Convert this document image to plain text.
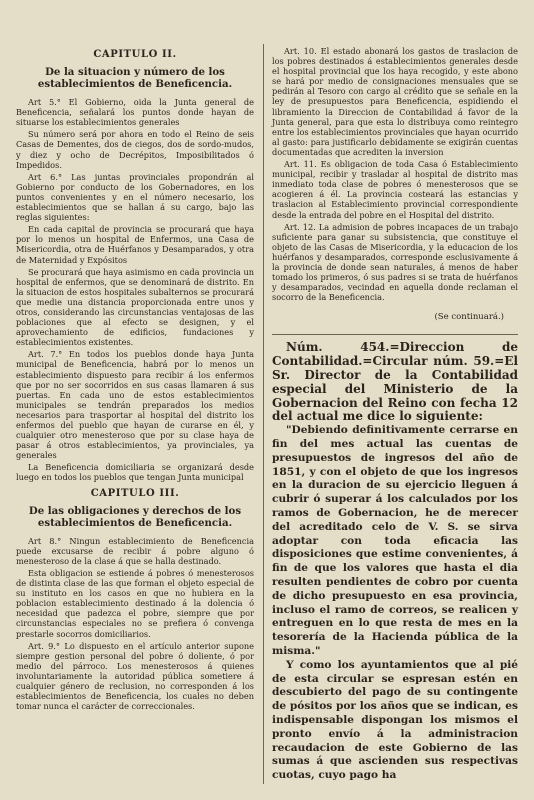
CAPITULO II.
De la situacion y número de los establecimientos de Beneficencia.

Art 5.° El Gobierno, oida la Junta general de Beneficencia, señalará los puntos donde hayan de situarse los establecimientos generales

Su número será por ahora en todo el Reino de seis Casas de Dementes, dos de ciegos, dos de sordo-mudos, y diez y ocho de Decrépitos, Imposibilitados ó Impedidos.

Art 6.° Las juntas provinciales propondrán al Gobierno por conducto de los Gobernadores, en los puntos convenientes y en el número necesario, los establecimientos que se hallan á su cargo, bajo las reglas siguientes:

En cada capital de provincia se procurará que haya por lo menos un hospital de Enfermos, una Casa de Misericordia, otra de Huérfanos y Desamparados, y otra de Maternidad y Expósitos

Se procurará que haya asimismo en cada provincia un hospital de enfermos, que se denominará de distrito. En la situacion de estos hospitales subalternos se procurará que medie una distancia proporcionada entre unos y otros, considerando las circunstancias ventajosas de las poblaciones que al efecto se designen, y el aprovechamiento de edificios, fundaciones y establecimientos existentes.

Art. 7.° En todos los pueblos donde haya Junta municipal de Beneficencia, habrá por lo menos un establecimiento dispuesto para recibir á los enfermos que por no ser socorridos en sus casas llamaren á sus puertas. En cada uno de estos establecimientos municipales se tendrán preparados los medios necesarios para trasportar al hospital del distrito los enfermos del pueblo que hayan de curarse en él, y cualquier otro menesteroso que por su clase haya de pasar á otros establecimientos, ya provinciales, ya generales

La Beneficencia domiciliaria se organizará desde luego en todos los pueblos que tengan Junta municipal

CAPITULO III.
De las obligaciones y derechos de los establecimientos de Beneficencia.

Art 8.° Ningun establecimiento de Beneficencia puede excusarse de recibir á pobre alguno ó menesteroso de la clase á que se halla destinado.

Esta obligacion se estiende á pobres ó menesterosos de distinta clase de las que forman el objeto especial de su instituto en los casos en que no hubiera en la poblacion establecimiento destinado á la dolencia ó necesidad que padezca el pobre, siempre que por circunstancias especiales no se prefiera ó convenga prestarle socorros domiciliarios.

Art. 9.° Lo dispuesto en el artículo anterior supone siempre gestion personal del pobre ó doliente, ó por medio del párroco. Los menesterosos á quienes involuntariamente la autoridad pública sometiere á cualquier género de reclusion, no corresponden á los establecimientos de Beneficencia, los cuales no deben tomar nunca el carácter de correccionales.

Art. 10. El estado abonará los gastos de traslacion de los pobres destinados á establecimientos generales desde el hospital provincial que los haya recogido, y este abono se hará por medio de consignaciones mensuales que se pedirán al Tesoro con cargo al crédito que se señale en la ley de presupuestos para Beneficencia, espidiendo el libramiento la Direccion de Contabilidad á favor de la Junta general, para que esta lo distribuya como reintegro entre los establecimientos provinciales que hayan ocurrido al gasto: para justificarlo debidamente se exigirán cuentas documentadas que acrediten la inversion

Art. 11. Es obligacion de toda Casa ó Establecimiento municipal, recibir y trasladar al hospital de distrito mas inmediato toda clase de pobres ó menesterosos que se acogieren á él. La provincia costeará las estancias y traslacion al Establecimiento provincial correspondiente desde la entrada del pobre en el Hospital del distrito.

Art. 12. La admision de pobres incapaces de un trabajo suficiente para ganar su subsistencia, que constituye el objeto de las Casas de Misericordia, y la educacion de los huérfanos y desamparados, corresponde esclusivamente á la provincia de donde sean naturales, á menos de haber tomado los primeros, ó sus padres si se trata de huérfanos y desamparados, vecindad en aquella donde reclaman el socorro de la Beneficencia.

(Se continuará.)

Núm. 454.=Direccion de Contabilidad.=Circular núm. 59.=El Sr. Director de la Contabilidad especial del Ministerio de la Gobernacion del Reino con fecha 12 del actual me dice lo siguiente:

"Debiendo definitivamente cerrarse en fin del mes actual las cuentas de presupuestos de ingresos del año de 1851, y con el objeto de que los ingresos en la duracion de su ejercicio lleguen á cubrir ó superar á los calculados por los ramos de Gobernacion, he de merecer del acreditado celo de V. S. se sirva adoptar con toda eficacia las disposiciones que estime convenientes, á fin de que los valores que hasta el dia resulten pendientes de cobro por cuenta de dicho presupuesto en esa provincia, incluso el ramo de correos, se realicen y entreguen en lo que resta de mes en la tesorería de la Hacienda pública de la misma."

Y como los ayuntamientos que al pié de esta circular se espresan estén en descubierto del pago de su contingente de pósitos por los años que se indican, es indispensable dispongan los mismos el pronto envío á la administracion recaudacion de este Gobierno de las sumas á que ascienden sus respectivas cuotas, cuyo pago ha
